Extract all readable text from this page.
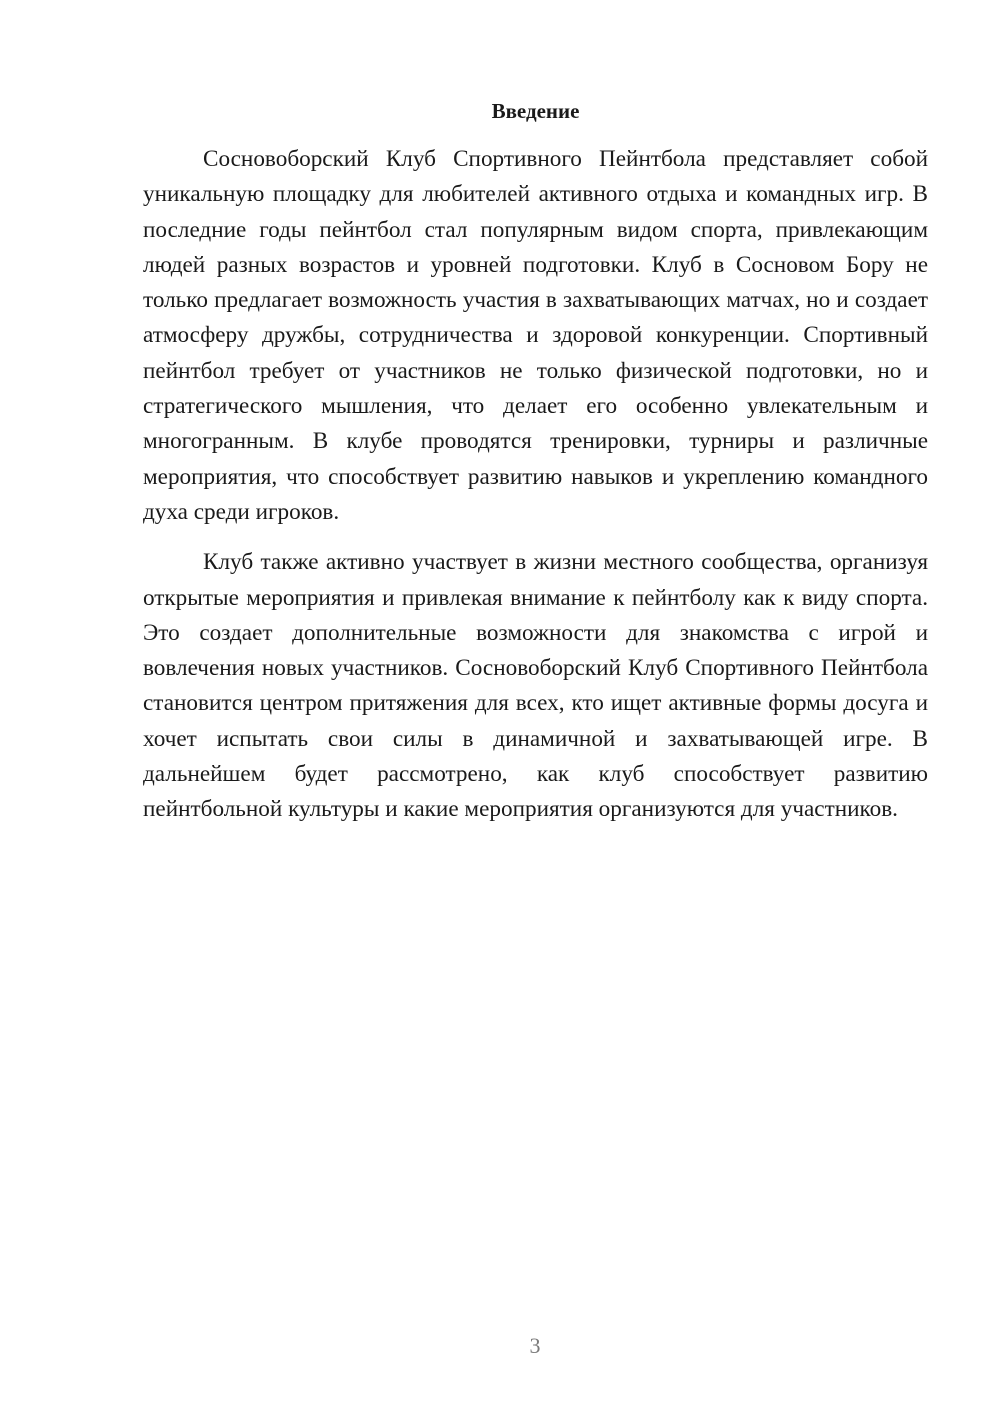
Введение

Сосновоборский Клуб Спортивного Пейнтбола представляет собой уникальную площадку для любителей активного отдыха и командных игр. В последние годы пейнтбол стал популярным видом спорта, привлекающим людей разных возрастов и уровней подготовки. Клуб в Сосновом Бору не только предлагает возможность участия в захватывающих матчах, но и создает атмосферу дружбы, сотрудничества и здоровой конкуренции. Спортивный пейнтбол требует от участников не только физической подготовки, но и стратегического мышления, что делает его особенно увлекательным и многогранным. В клубе проводятся тренировки, турниры и различные мероприятия, что способствует развитию навыков и укреплению командного духа среди игроков.

Клуб также активно участвует в жизни местного сообщества, организуя открытые мероприятия и привлекая внимание к пейнтболу как к виду спорта. Это создает дополнительные возможности для знакомства с игрой и вовлечения новых участников. Сосновоборский Клуб Спортивного Пейнтбола становится центром притяжения для всех, кто ищет активные формы досуга и хочет испытать свои силы в динамичной и захватывающей игре. В дальнейшем будет рассмотрено, как клуб способствует развитию пейнтбольной культуры и какие мероприятия организуются для участников.

3
